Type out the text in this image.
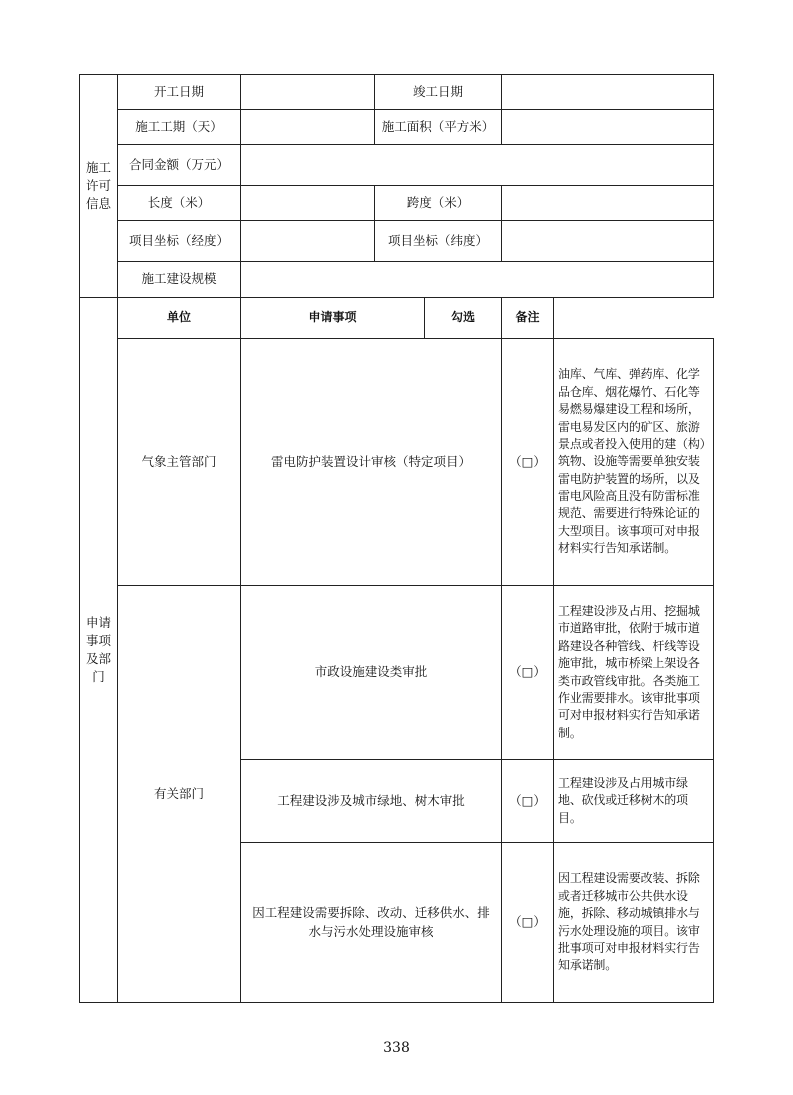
施工许可信息	开工日期		竣工日期			
	施工工期（天）		施工面积（平方米）			
	合同金额（万元）					
	长度（米）		跨度（米）			
	项目坐标（经度）		项目坐标（纬度）			
	施工建设规模					
申请事项及部门	单位	申请事项		勾选	备注	
	气象主管部门	雷电防护装置设计审核（特定项目）			（□）	油库、气库、弹药库、化学品仓库、烟花爆竹、石化等易燃易爆建设工程和场所，雷电易发区内的矿区、旅游景点或者投入使用的建（构）筑物、设施等需要单独安装雷电防护装置的场所，以及雷电风险高且没有防雷标准规范、需要进行特殊论证的大型项目。该事项可对申报材料实行告知承诺制。
	有关部门	市政设施建设类审批			（□）	工程建设涉及占用、挖掘城市道路审批，依附于城市道路建设各种管线、杆线等设施审批，城市桥梁上架设各类市政管线审批。各类施工作业需要排水。该审批事项可对申报材料实行告知承诺制。
		工程建设涉及城市绿地、树木审批			（□）	工程建设涉及占用城市绿地、砍伐或迁移树木的项目。
		因工程建设需要拆除、改动、迁移供水、排水与污水处理设施审核			（□）	因工程建设需要改装、拆除或者迁移城市公共供水设施，拆除、移动城镇排水与污水处理设施的项目。该审批事项可对申报材料实行告知承诺制。
338
